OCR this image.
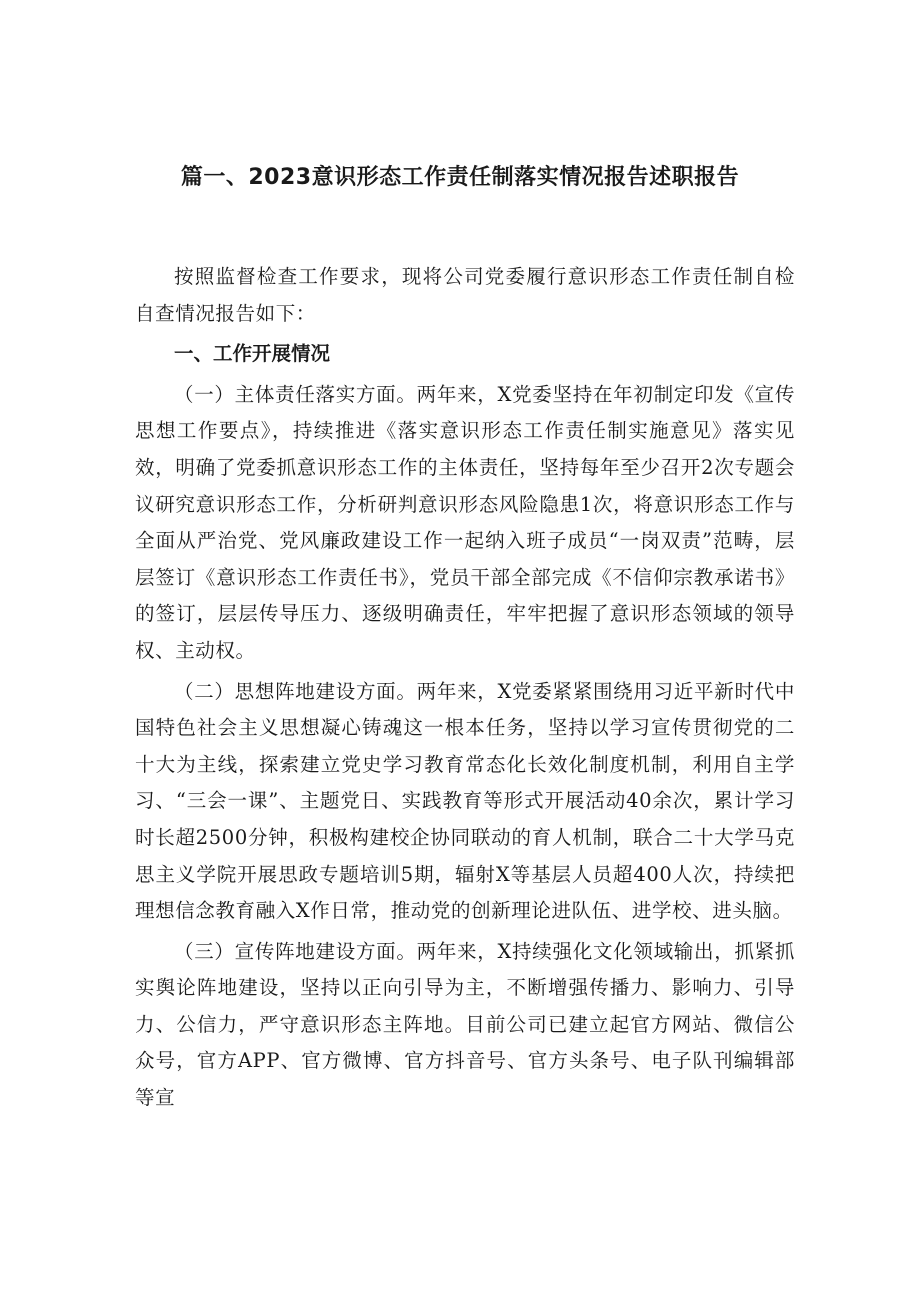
篇一、2023意识形态工作责任制落实情况报告述职报告

按照监督检查工作要求，现将公司党委履行意识形态工作责任制自检自查情况报告如下：

一、工作开展情况

（一）主体责任落实方面。两年来，X党委坚持在年初制定印发《宣传思想工作要点》，持续推进《落实意识形态工作责任制实施意见》落实见效，明确了党委抓意识形态工作的主体责任，坚持每年至少召开2次专题会议研究意识形态工作，分析研判意识形态风险隐患1次，将意识形态工作与全面从严治党、党风廉政建设工作一起纳入班子成员“一岗双责”范畴，层层签订《意识形态工作责任书》，党员干部全部完成《不信仰宗教承诺书》的签订，层层传导压力、逐级明确责任，牢牢把握了意识形态领域的领导权、主动权。

（二）思想阵地建设方面。两年来，X党委紧紧围绕用习近平新时代中国特色社会主义思想凝心铸魂这一根本任务，坚持以学习宣传贯彻党的二十大为主线，探索建立党史学习教育常态化长效化制度机制，利用自主学习、“三会一课”、主题党日、实践教育等形式开展活动40余次，累计学习时长超2500分钟，积极构建校企协同联动的育人机制，联合二十大学马克思主义学院开展思政专题培训5期，辐射X等基层人员超400人次，持续把理想信念教育融入X作日常，推动党的创新理论进队伍、进学校、进头脑。

（三）宣传阵地建设方面。两年来，X持续强化文化领域输出，抓紧抓实舆论阵地建设，坚持以正向引导为主，不断增强传播力、影响力、引导力、公信力，严守意识形态主阵地。目前公司已建立起官方网站、微信公众号，官方APP、官方微博、官方抖音号、官方头条号、电子队刊编辑部等宣
